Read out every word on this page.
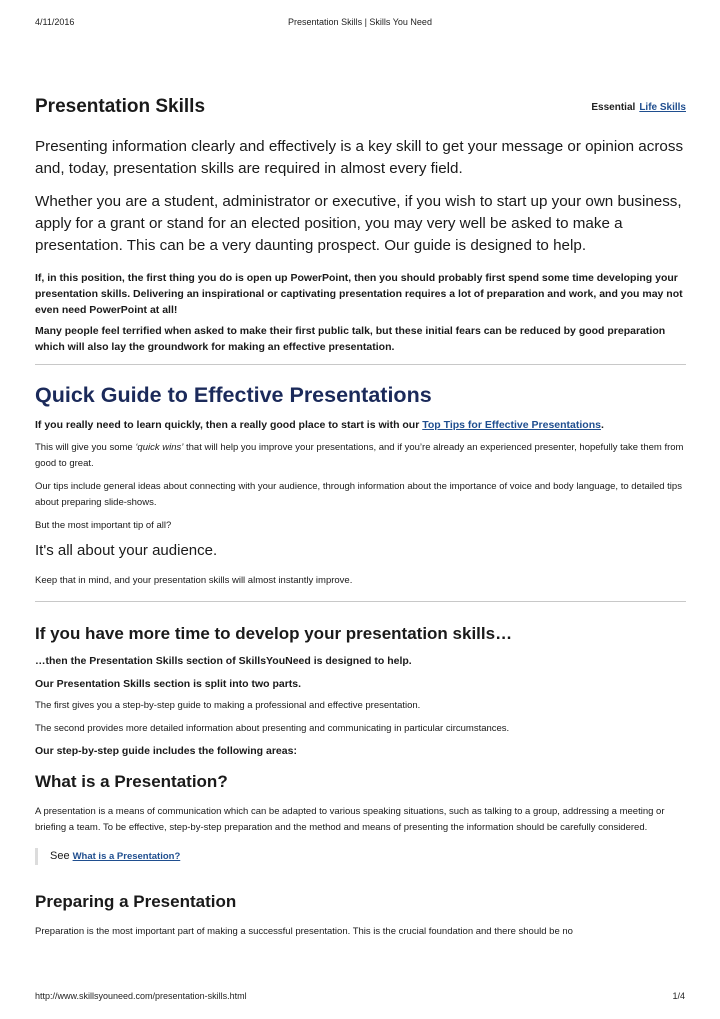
4/11/2016	Presentation Skills | Skills You Need
Presentation Skills	Essential Life Skills

Presenting information clearly and effectively is a key skill to get your message or opinion across and, today, presentation skills are required in almost every field.

Whether you are a student, administrator or executive, if you wish to start up your own business, apply for a grant or stand for an elected position, you may very well be asked to make a presentation. This can be a very daunting prospect. Our guide is designed to help.

If, in this position, the first thing you do is open up PowerPoint, then you should probably first spend some time developing your presentation skills. Delivering an inspirational or captivating presentation requires a lot of preparation and work, and you may not even need PowerPoint at all!

Many people feel terrified when asked to make their first public talk, but these initial fears can be reduced by good preparation which will also lay the groundwork for making an effective presentation.

Quick Guide to Effective Presentations

If you really need to learn quickly, then a really good place to start is with our Top Tips for Effective Presentations.

This will give you some ‘quick wins’ that will help you improve your presentations, and if you’re already an experienced presenter, hopefully take them from good to great.

Our tips include general ideas about connecting with your audience, through information about the importance of voice and body language, to detailed tips about preparing slide-shows.

But the most important tip of all?

It's all about your audience.

Keep that in mind, and your presentation skills will almost instantly improve.

If you have more time to develop your presentation skills…

…then the Presentation Skills section of SkillsYouNeed is designed to help.

Our Presentation Skills section is split into two parts.

The first gives you a step-by-step guide to making a professional and effective presentation.

The second provides more detailed information about presenting and communicating in particular circumstances.

Our step-by-step guide includes the following areas:

What is a Presentation?

A presentation is a means of communication which can be adapted to various speaking situations, such as talking to a group, addressing a meeting or briefing a team. To be effective, step-by-step preparation and the method and means of presenting the information should be carefully considered.

See What is a Presentation?
Preparing a Presentation

Preparation is the most important part of making a successful presentation. This is the crucial foundation and there should be no

http://www.skillsyouneed.com/presentation-skills.html	1/4
